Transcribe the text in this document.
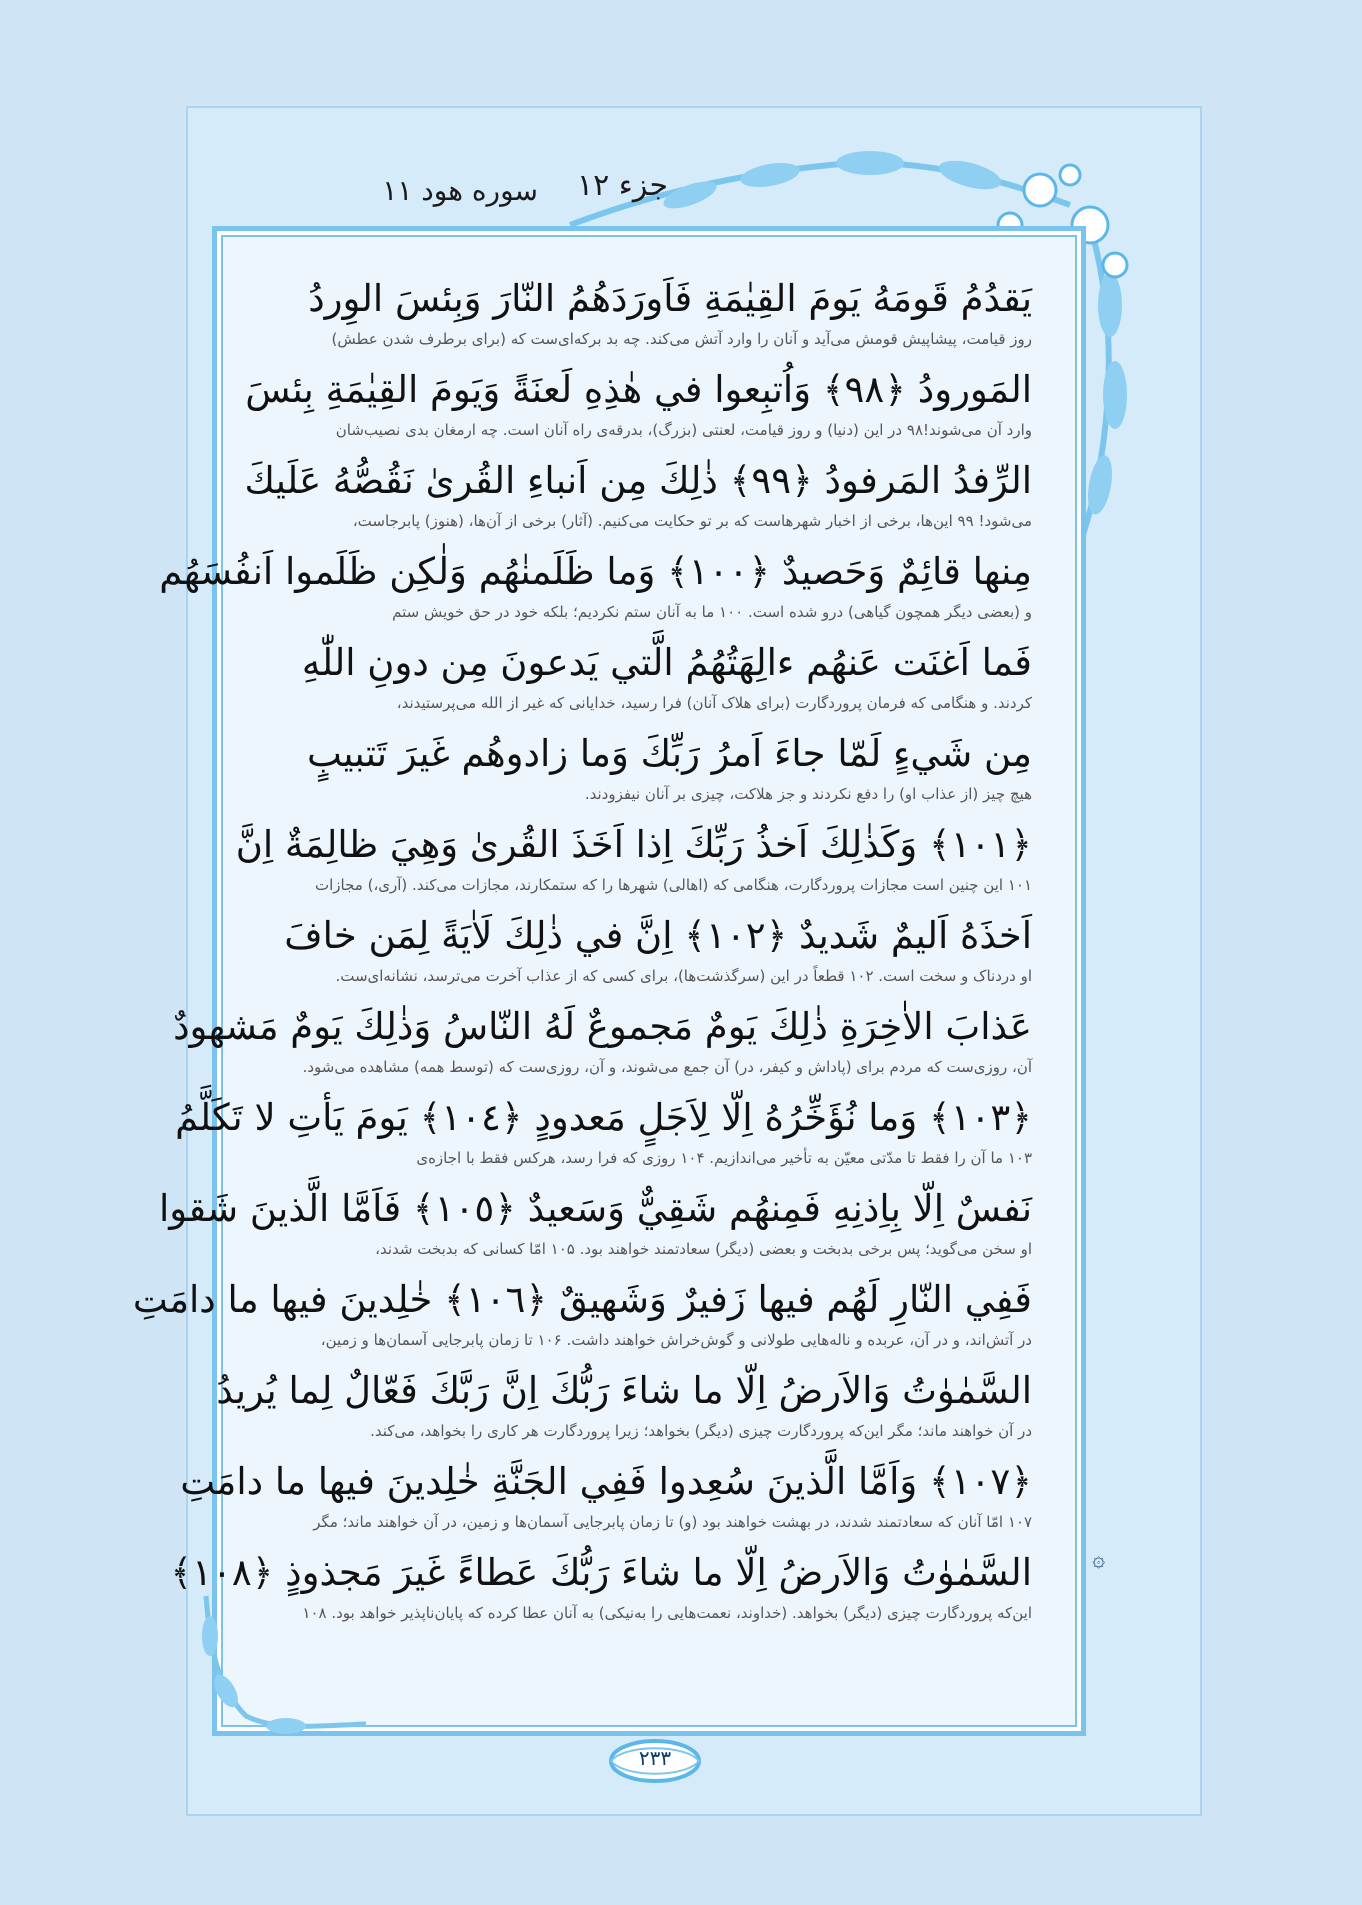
جزء ۱۲
سوره هود ۱۱
يَقدُمُ قَومَهُ يَومَ القِيٰمَةِ فَاَورَدَهُمُ النّارَ وَبِئسَ الوِردُ
روز قیامت، پیشاپیش قومش می‌آید و آنان را وارد آتش می‌کند. چه بد برکه‌ای‌ست که (برای برطرف شدن عطش)
المَورودُ ﴿٩٨﴾ وَاُتبِعوا في هٰذِهِ لَعنَةً وَيَومَ القِيٰمَةِ بِئسَ
وارد آن می‌شوند!۹۸ در این (دنیا) و روز قیامت، لعنتی (بزرگ)، بدرقه‌ی راه آنان است. چه ارمغان بدی نصیب‌شان
الرِّفدُ المَرفودُ ﴿٩٩﴾ ذٰلِكَ مِن اَنباءِ القُرىٰ نَقُصُّهُ عَلَيكَ
می‌شود! ۹۹ این‌ها، برخی از اخبار شهرهاست که بر تو حکایت می‌کنیم. (آثار) برخی از آن‌ها، (هنوز) پابرجاست،
مِنها قائِمٌ وَحَصيدٌ ﴿١٠٠﴾ وَما ظَلَمنٰهُم وَلٰكِن ظَلَموا اَنفُسَهُم
و (بعضی دیگر همچون گیاهی) درو شده است. ۱۰۰ ما به آنان ستم نکردیم؛ بلکه خود در حق خویش ستم
فَما اَغنَت عَنهُم ءالِهَتُهُمُ الَّتي يَدعونَ مِن دونِ اللّٰهِ
کردند. و هنگامی که فرمان پروردگارت (برای هلاک آنان) فرا رسید، خدایانی که غیر از الله می‌پرستیدند،
مِن شَيءٍ لَمّا جاءَ اَمرُ رَبِّكَ وَما زادوهُم غَيرَ تَتبيبٍ
هیچ چیز (از عذاب او) را دفع نکردند و جز هلاکت، چیزی بر آنان نیفزودند.
﴿١٠١﴾ وَكَذٰلِكَ اَخذُ رَبِّكَ اِذا اَخَذَ القُرىٰ وَهِيَ ظالِمَةٌ اِنَّ
۱۰۱ این چنین است مجازات پروردگارت، هنگامی که (اهالی) شهرها را که ستمکارند، مجازات می‌کند. (آری،) مجازات
اَخذَهُ اَليمٌ شَديدٌ ﴿١٠٢﴾ اِنَّ في ذٰلِكَ لَاٰيَةً لِمَن خافَ
او دردناک و سخت است. ۱۰۲ قطعاً در این (سرگذشت‌ها)، برای کسی که از عذاب آخرت می‌ترسد، نشانه‌ای‌ست.
عَذابَ الاٰخِرَةِ ذٰلِكَ يَومٌ مَجموعٌ لَهُ النّاسُ وَذٰلِكَ يَومٌ مَشهودٌ
آن، روزی‌ست که مردم برای (پاداش و کیفر، در) آن جمع می‌شوند، و آن، روزی‌ست که (توسط همه) مشاهده می‌شود.
﴿١٠٣﴾ وَما نُؤَخِّرُهُ اِلّا لِاَجَلٍ مَعدودٍ ﴿١٠٤﴾ يَومَ يَأتِ لا تَكَلَّمُ
۱۰۳ ما آن را فقط تا مدّتی معیّن به تأخیر می‌اندازیم. ۱۰۴ روزی که فرا رسد، هرکس فقط با اجازه‌ی
نَفسٌ اِلّا بِاِذنِهِ فَمِنهُم شَقِيٌّ وَسَعيدٌ ﴿١٠٥﴾ فَاَمَّا الَّذينَ شَقوا
او سخن می‌گوید؛ پس برخی بدبخت و بعضی (دیگر) سعادتمند خواهند بود. ۱۰۵ امّا کسانی که بدبخت شدند،
فَفِي النّارِ لَهُم فيها زَفيرٌ وَشَهيقٌ ﴿١٠٦﴾ خٰلِدينَ فيها ما دامَتِ
در آتش‌اند، و در آن، عربده و ناله‌هایی طولانی و گوش‌خراش خواهند داشت. ۱۰۶ تا زمان پابرجایی آسمان‌ها و زمین،
السَّمٰوٰتُ وَالاَرضُ اِلّا ما شاءَ رَبُّكَ اِنَّ رَبَّكَ فَعّالٌ لِما يُريدُ
در آن خواهند ماند؛ مگر این‌که پروردگارت چیزی (دیگر) بخواهد؛ زیرا پروردگارت هر کاری را بخواهد، می‌کند.
﴿١٠٧﴾ وَاَمَّا الَّذينَ سُعِدوا فَفِي الجَنَّةِ خٰلِدينَ فيها ما دامَتِ
۱۰۷ امّا آنان که سعادتمند شدند، در بهشت خواهند بود (و) تا زمان پابرجایی آسمان‌ها و زمین، در آن خواهند ماند؛ مگر
السَّمٰوٰتُ وَالاَرضُ اِلّا ما شاءَ رَبُّكَ عَطاءً غَيرَ مَجذوذٍ ﴿١٠٨﴾
این‌که پروردگارت چیزی (دیگر) بخواهد. (خداوند، نعمت‌هایی را به‌نیکی) به آنان عطا کرده که پایان‌ناپذیر خواهد بود. ۱۰۸
۞
۲۳۳
